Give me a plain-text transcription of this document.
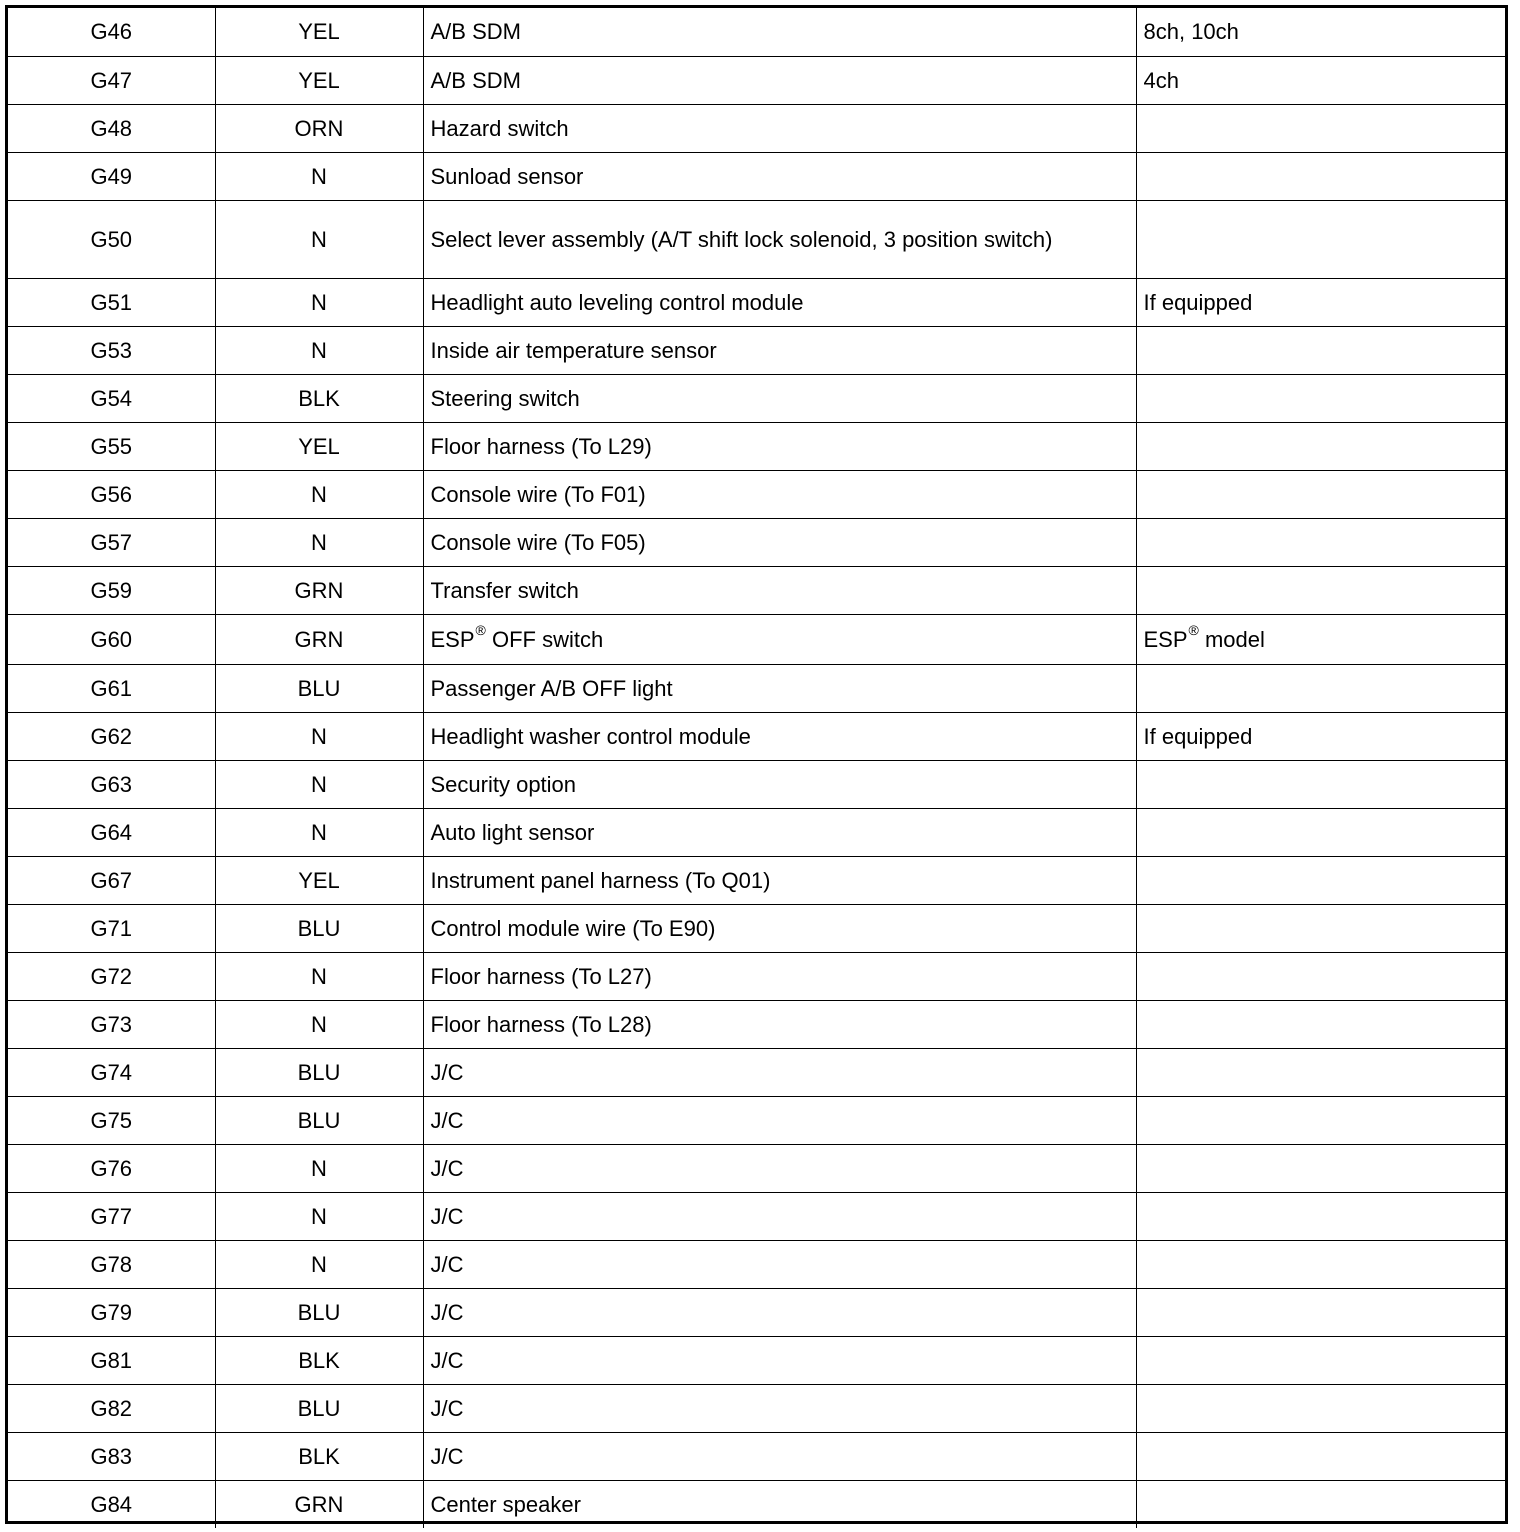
G46	YEL	A/B SDM	8ch, 10ch
G47	YEL	A/B SDM	4ch
G48	ORN	Hazard switch	
G49	N	Sunload sensor	
G50	N	Select lever assembly (A/T shift lock solenoid, 3 position switch)	
G51	N	Headlight auto leveling control module	If equipped
G53	N	Inside air temperature sensor	
G54	BLK	Steering switch	
G55	YEL	Floor harness (To L29)	
G56	N	Console wire (To F01)	
G57	N	Console wire (To F05)	
G59	GRN	Transfer switch	
G60	GRN	ESP® OFF switch	ESP® model
G61	BLU	Passenger A/B OFF light	
G62	N	Headlight washer control module	If equipped
G63	N	Security option	
G64	N	Auto light sensor	
G67	YEL	Instrument panel harness (To Q01)	
G71	BLU	Control module wire (To E90)	
G72	N	Floor harness (To L27)	
G73	N	Floor harness (To L28)	
G74	BLU	J/C	
G75	BLU	J/C	
G76	N	J/C	
G77	N	J/C	
G78	N	J/C	
G79	BLU	J/C	
G81	BLK	J/C	
G82	BLU	J/C	
G83	BLK	J/C	
G84	GRN	Center speaker	
